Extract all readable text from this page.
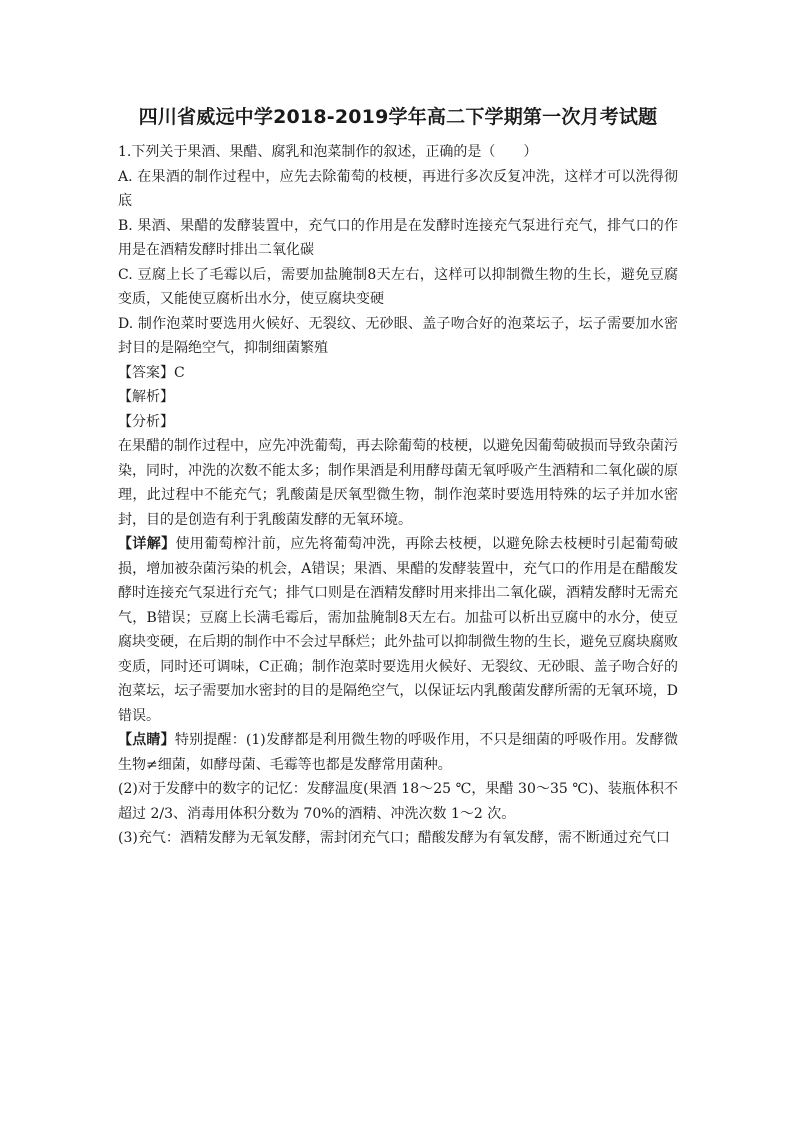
四川省威远中学2018-2019学年高二下学期第一次月考试题

1.下列关于果酒、果醋、腐乳和泡菜制作的叙述，正确的是（　　）

A. 在果酒的制作过程中，应先去除葡萄的枝梗，再进行多次反复冲洗，这样才可以洗得彻底

B. 果酒、果醋的发酵装置中，充气口的作用是在发酵时连接充气泵进行充气，排气口的作用是在酒精发酵时排出二氧化碳

C. 豆腐上长了毛霉以后，需要加盐腌制8天左右，这样可以抑制微生物的生长，避免豆腐变质，又能使豆腐析出水分，使豆腐块变硬

D. 制作泡菜时要选用火候好、无裂纹、无砂眼、盖子吻合好的泡菜坛子，坛子需要加水密封目的是隔绝空气，抑制细菌繁殖

【答案】C

【解析】

【分析】

在果醋的制作过程中，应先冲洗葡萄，再去除葡萄的枝梗，以避免因葡萄破损而导致杂菌污染，同时，冲洗的次数不能太多；制作果酒是利用酵母菌无氧呼吸产生酒精和二氧化碳的原理，此过程中不能充气；乳酸菌是厌氧型微生物，制作泡菜时要选用特殊的坛子并加水密封，目的是创造有利于乳酸菌发酵的无氧环境。

【详解】使用葡萄榨汁前，应先将葡萄冲洗，再除去枝梗，以避免除去枝梗时引起葡萄破损，增加被杂菌污染的机会，A错误；果酒、果醋的发酵装置中，充气口的作用是在醋酸发酵时连接充气泵进行充气；排气口则是在酒精发酵时用来排出二氧化碳，酒精发酵时无需充气，B错误；豆腐上长满毛霉后，需加盐腌制8天左右。加盐可以析出豆腐中的水分，使豆腐块变硬，在后期的制作中不会过早酥烂；此外盐可以抑制微生物的生长，避免豆腐块腐败变质，同时还可调味，C正确；制作泡菜时要选用火候好、无裂纹、无砂眼、盖子吻合好的泡菜坛，坛子需要加水密封的目的是隔绝空气，以保证坛内乳酸菌发酵所需的无氧环境，D错误。

【点睛】特别提醒：(1)发酵都是利用微生物的呼吸作用，不只是细菌的呼吸作用。发酵微生物≠细菌，如酵母菌、毛霉等也都是发酵常用菌种。

(2)对于发酵中的数字的记忆：发酵温度(果酒 18～25 ℃，果醋 30～35 ℃)、装瓶体积不超过 2/3、消毒用体积分数为 70%的酒精、冲洗次数 1～2 次。

(3)充气：酒精发酵为无氧发酵，需封闭充气口；醋酸发酵为有氧发酵，需不断通过充气口
